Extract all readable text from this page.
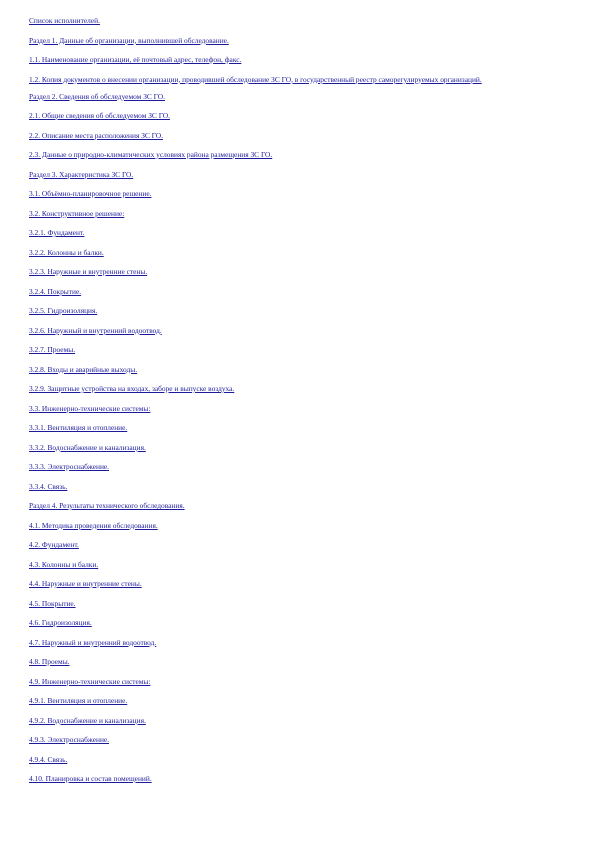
Список исполнителей.
Раздел 1. Данные об организации, выполнившей обследование.
1.1. Наименование организации, её почтовый адрес, телефон, факс.
1.2. Копия документов о внесении организации, проводившей обследование ЗС ГО, в государственный реестр саморегулируемых организаций.
Раздел 2. Сведения об обследуемом ЗС ГО.
2.1. Общие сведения об обследуемом ЗС ГО.
2.2. Описание места расположения ЗС ГО.
2.3. Данные о природно-климатических условиях района размещения ЗС ГО.
Раздел 3. Характеристика ЗС ГО.
3.1. Объёмно-планировочное решение.
3.2. Конструктивное решение:
3.2.1. Фундамент.
3.2.2. Колонны и балки.
3.2.3. Наружные и внутренние стены.
3.2.4. Покрытие.
3.2.5. Гидроизоляция.
3.2.6. Наружный и внутренний водоотвод.
3.2.7. Проемы.
3.2.8. Входы и аварийные выходы.
3.2.9. Защитные устройства на входах, заборе и выпуске воздуха.
3.3. Инженерно-технические системы:
3.3.1. Вентиляция и отопление.
3.3.2. Водоснабжение и канализация.
3.3.3. Электроснабжение.
3.3.4. Связь.
Раздел 4. Результаты технического обследования.
4.1. Методика проведения обследования.
4.2. Фундамент.
4.3. Колонны и балки.
4.4. Наружные и внутренние стены.
4.5. Покрытие.
4.6. Гидроизоляция.
4.7. Наружный и внутренний водоотвод.
4.8. Проемы.
4.9. Инженерно-технические системы:
4.9.1. Вентиляция и отопление.
4.9.2. Водоснабжение и канализация.
4.9.3. Электроснабжение.
4.9.4. Связь.
4.10. Планировка и состав помещений.
